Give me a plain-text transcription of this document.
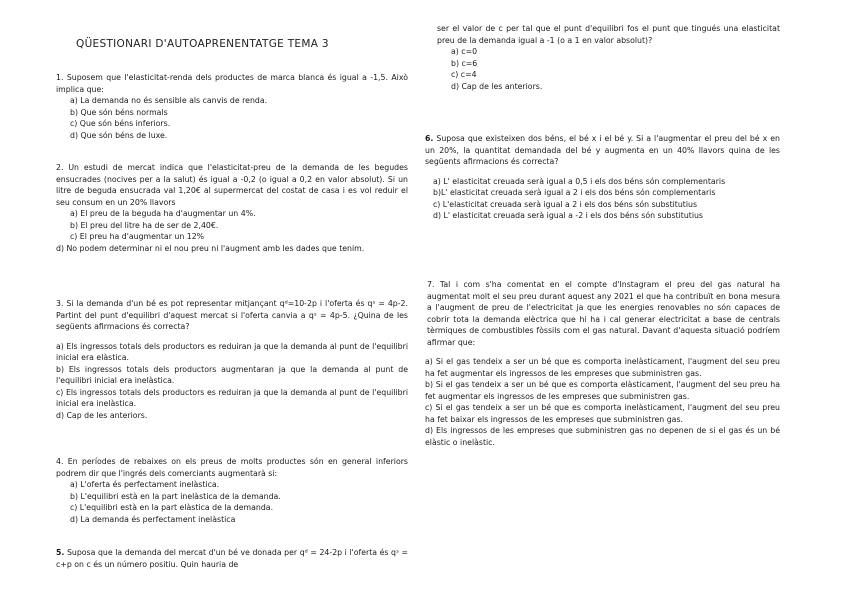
QÜESTIONARI D'AUTOAPRENENTATGE TEMA 3
1. Suposem que l'elasticitat-renda dels productes de marca blanca és igual a -1,5. Això implica que:
a) La demanda no és sensible als canvis de renda.
b) Que són béns normals
c) Que són béns inferiors.
d) Que són béns de luxe.
2. Un estudi de mercat indica que l'elasticitat-preu de la demanda de les begudes ensucrades (nocives per a la salut) és igual a -0,2 (o igual a 0,2 en valor absolut). Si un litre de beguda ensucrada val 1,20€ al supermercat del costat de casa i es vol reduir el seu consum en un 20% llavors
a) El preu de la beguda ha d'augmentar un 4%.
b) El preu del litre ha de ser de 2,40€.
c) El preu ha d'augmentar un 12%
d) No podem determinar ni el nou preu ni l'augment amb les dades que tenim.
3. Si la demanda d'un bé es pot representar mitjançant qᵈ=10-2p i l'oferta és qˢ = 4p-2. Partint del punt d'equilibri d'aquest mercat si l'oferta canvia a qˢ = 4p-5. ¿Quina de les següents afirmacions és correcta?
a) Els ingressos totals dels productors es reduiran ja que la demanda al punt de l'equilibri inicial era elàstica.
b) Els ingressos totals dels productors augmentaran ja que la demanda al punt de l'equilibri inicial era inelàstica.
c) Els ingressos totals dels productors es reduiran ja que la demanda al punt de l'equilibri inicial era inelàstica.
d) Cap de les anteriors.
4. En períodes de rebaixes on els preus de molts productes són en general inferiors podrem dir que l'ingrés dels comerciants augmentarà si:
a) L'oferta és perfectament inelàstica.
b) L'equilibri està en la part inelàstica de la demanda.
c) L'equilibri està en la part elàstica de la demanda.
d) La demanda és perfectament inelàstica
5. Suposa que la demanda del mercat d'un bé ve donada per qᵈ = 24-2p i l'oferta és qˢ = c+p on c és un número positiu. Quin hauria de
ser el valor de c per tal que el punt d'equilibri fos el punt que tingués una elasticitat preu de la demanda igual a -1 (o a 1 en valor absolut)?
a) c=0
b) c=6
c) c=4
d) Cap de les anteriors.
6. Suposa que existeixen dos béns, el bé x i el bé y. Si a l'augmentar el preu del bé x en un 20%, la quantitat demandada del bé y augmenta en un 40% llavors quina de les següents afirmacions és correcta?
a) L' elasticitat creuada serà igual a 0,5 i els dos béns són complementaris
b)L' elasticitat creuada serà igual a 2 i els dos béns són complementaris
c) L'elasticitat creuada serà igual a 2 i els dos béns són substitutius
d) L' elasticitat creuada serà igual a -2 i els dos béns són substitutius
7. Tal i com s'ha comentat en el compte d'Instagram el preu del gas natural ha augmentat molt el seu preu durant aquest any 2021 el que ha contribuït en bona mesura a l'augment de preu de l'electricitat ja que les energies renovables no són capaces de cobrir tota la demanda elèctrica que hi ha i cal generar electricitat a base de centrals tèrmiques de combustibles fòssils com el gas natural. Davant d'aquesta situació podríem afirmar que:
a) Si el gas tendeix a ser un bé que es comporta inelàsticament, l'augment del seu preu ha fet augmentar els ingressos de les empreses que subministren gas.
b) Si el gas tendeix a ser un bé que es comporta elàsticament, l'augment del seu preu ha fet augmentar els ingressos de les empreses que subministren gas.
c) Si el gas tendeix a ser un bé que es comporta inelàsticament, l'augment del seu preu ha fet baixar els ingressos de les empreses que subministren gas.
d) Els ingressos de les empreses que subministren gas no depenen de si el gas és un bé elàstic o inelàstic.
